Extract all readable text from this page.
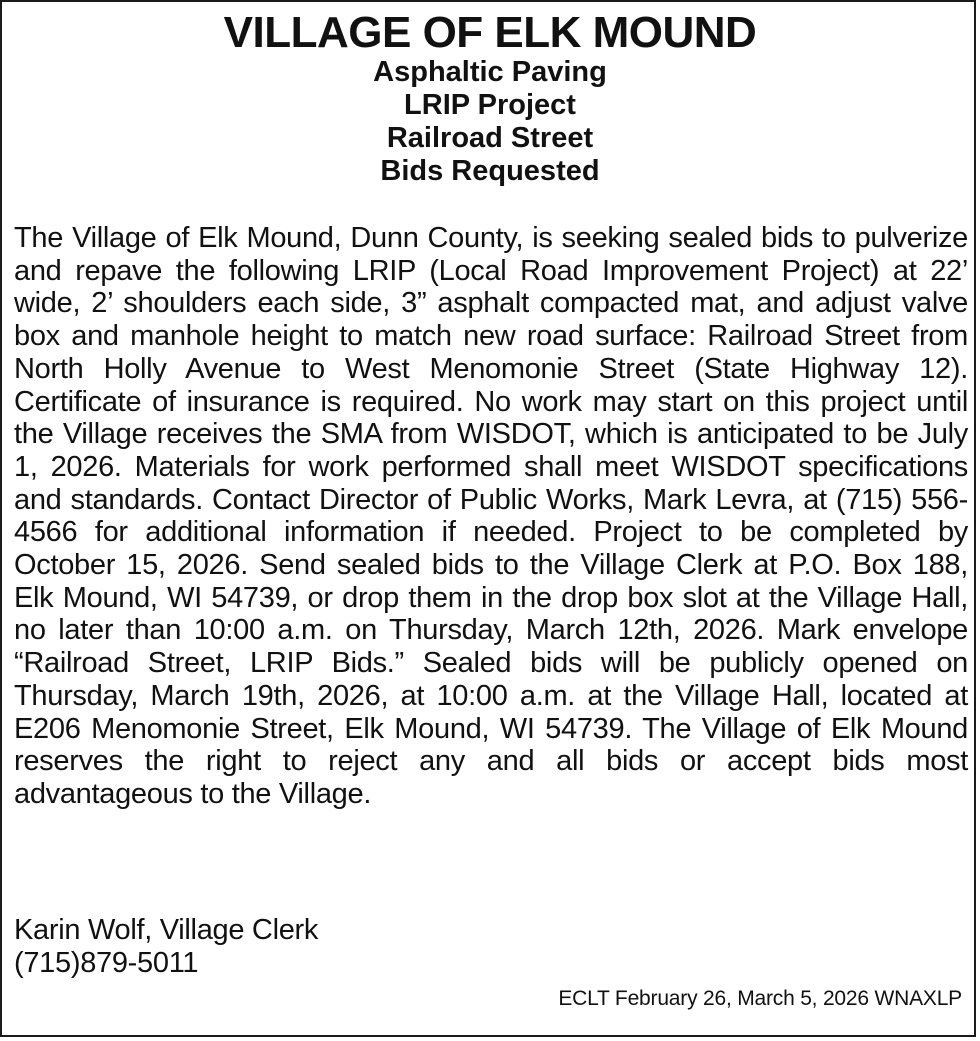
VILLAGE OF ELK MOUND
Asphaltic Paving
LRIP Project
Railroad Street
Bids Requested

The Village of Elk Mound, Dunn County, is seeking sealed bids to pulverize and repave the following LRIP (Local Road Improvement Project) at 22’ wide, 2’ shoulders each side, 3” asphalt compacted mat, and adjust valve box and manhole height to match new road surface: Railroad Street from North Holly Avenue to West Menomonie Street (State Highway 12). Certificate of insurance is required. No work may start on this project until the Village receives the SMA from WISDOT, which is anticipated to be July 1, 2026. Materials for work performed shall meet WISDOT specifications and standards. Contact Director of Public Works, Mark Levra, at (715) 556-4566 for additional information if needed. Project to be completed by October 15, 2026. Send sealed bids to the Village Clerk at P.O. Box 188, Elk Mound, WI 54739, or drop them in the drop box slot at the Village Hall, no later than 10:00 a.m. on Thursday, March 12th, 2026. Mark envelope “Railroad Street, LRIP Bids.” Sealed bids will be publicly opened on Thursday, March 19th, 2026, at 10:00 a.m. at the Village Hall, located at E206 Menomonie Street, Elk Mound, WI 54739. The Village of Elk Mound reserves the right to reject any and all bids or accept bids most advantageous to the Village.

Karin Wolf, Village Clerk
(715)879-5011
ECLT February 26, March 5, 2026 WNAXLP
